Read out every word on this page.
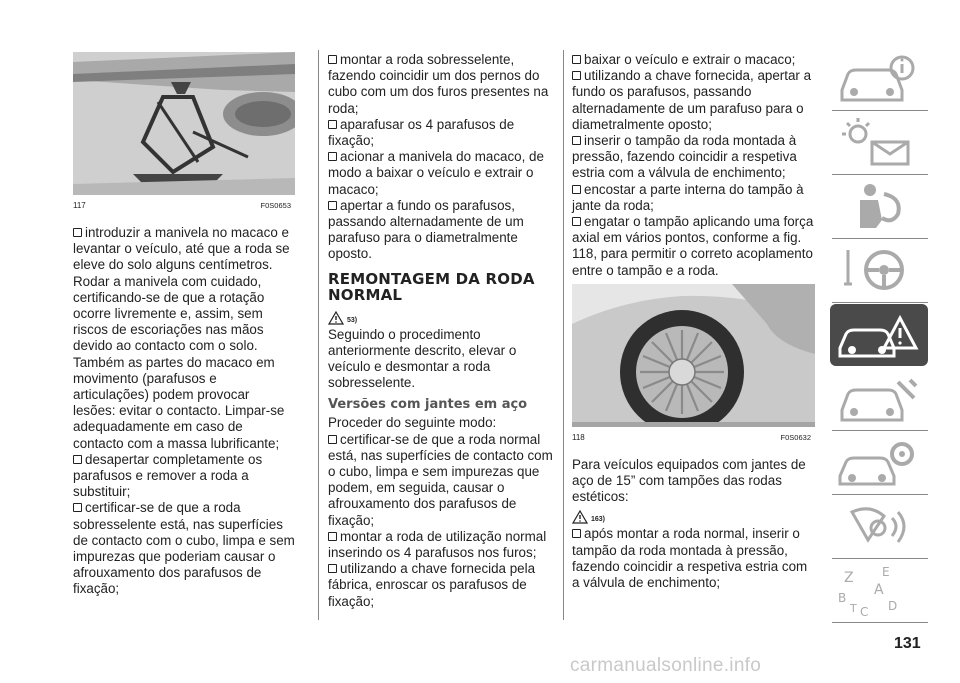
117	F0S0653

introduzir a manivela no macaco e levantar o veículo, até que a roda se eleve do solo alguns centímetros. Rodar a manivela com cuidado, certificando-se de que a rotação ocorre livremente e, assim, sem riscos de escoriações nas mãos devido ao contacto com o solo. Também as partes do macaco em movimento (parafusos e articulações) podem provocar lesões: evitar o contacto. Limpar-se adequadamente em caso de contacto com a massa lubrificante;

desapertar completamente os parafusos e remover a roda a substituir;

certificar-se de que a roda sobresselente está, nas superfícies de contacto com o cubo, limpa e sem impurezas que poderiam causar o afrouxamento dos parafusos de fixação;

montar a roda sobresselente, fazendo coincidir um dos pernos do cubo com um dos furos presentes na roda;

aparafusar os 4 parafusos de fixação;

acionar a manivela do macaco, de modo a baixar o veículo e extrair o macaco;

apertar a fundo os parafusos, passando alternadamente de um parafuso para o diametralmente oposto.

REMONTAGEM DA RODA NORMAL
53)

Seguindo o procedimento anteriormente descrito, elevar o veículo e desmontar a roda sobresselente.

Versões com jantes em aço

Proceder do seguinte modo:

certificar-se de que a roda normal está, nas superfícies de contacto com o cubo, limpa e sem impurezas que podem, em seguida, causar o afrouxamento dos parafusos de fixação;

montar a roda de utilização normal inserindo os 4 parafusos nos furos;

utilizando a chave fornecida pela fábrica, enroscar os parafusos de fixação;

baixar o veículo e extrair o macaco;

utilizando a chave fornecida, apertar a fundo os parafusos, passando alternadamente de um parafuso para o diametralmente oposto;

inserir o tampão da roda montada à pressão, fazendo coincidir a respetiva estria com a válvula de enchimento;

encostar a parte interna do tampão à jante da roda;

engatar o tampão aplicando uma força axial em vários pontos, conforme a fig. 118, para permitir o correto acoplamento entre o tampão e a roda.

118	F0S0632

Para veículos equipados com jantes de aço de 15” com tampões das rodas estéticos:

163)

após montar a roda normal, inserir o tampão da roda montada à pressão, fazendo coincidir a respetiva estria com a válvula de enchimento;	Z E
A
B
C
T	D
131
carmanualsonline.info
